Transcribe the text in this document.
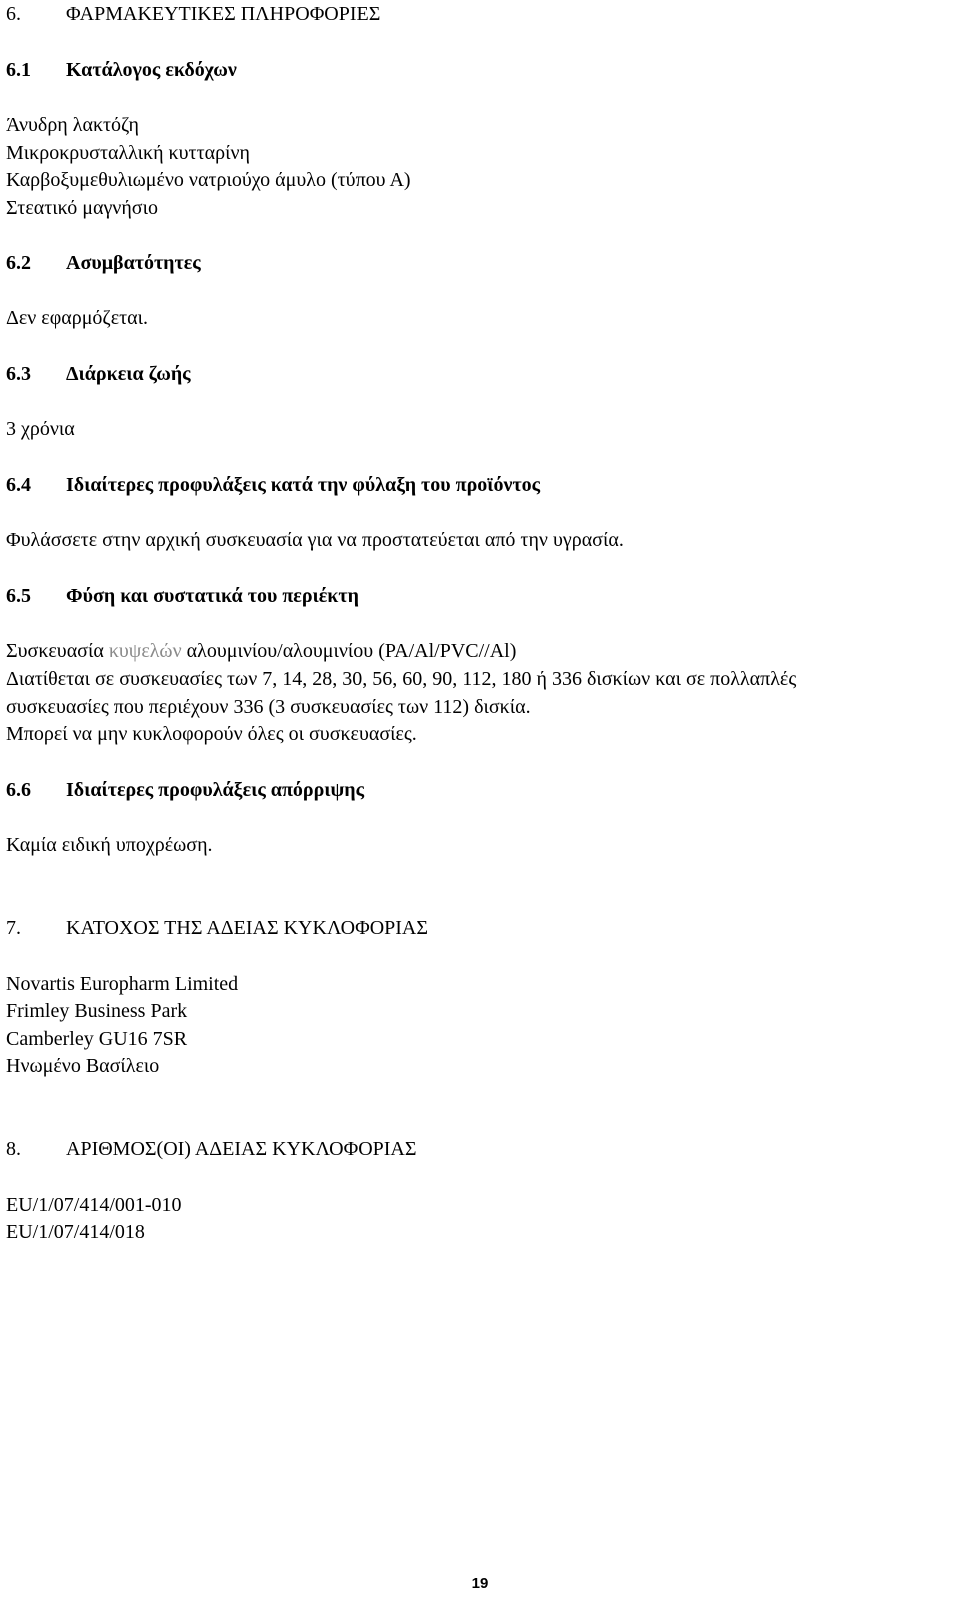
6. ΦΑΡΜΑΚΕΥΤΙΚΕΣ ΠΛΗΡΟΦΟΡΙΕΣ
6.1 Κατάλογος εκδόχων
Άνυδρη λακτόζη
Μικροκρυσταλλική κυτταρίνη
Καρβοξυμεθυλιωμένο νατριούχο άμυλο (τύπου Α)
Στεατικό μαγνήσιο
6.2 Ασυμβατότητες
Δεν εφαρμόζεται.
6.3 Διάρκεια ζωής
3 χρόνια
6.4 Ιδιαίτερες προφυλάξεις κατά την φύλαξη του προϊόντος
Φυλάσσετε στην αρχική συσκευασία για να προστατεύεται από την υγρασία.
6.5 Φύση και συστατικά του περιέκτη
Συσκευασία κυψελών αλουμινίου/αλουμινίου (PA/Al/PVC//Al)
Διατίθεται σε συσκευασίες των 7, 14, 28, 30, 56, 60, 90, 112, 180 ή 336 δισκίων και σε πολλαπλές
συσκευασίες που περιέχουν 336 (3 συσκευασίες των 112) δισκία.
Μπορεί να μην κυκλοφορούν όλες οι συσκευασίες.
6.6 Ιδιαίτερες προφυλάξεις απόρριψης
Καμία ειδική υποχρέωση.
7. ΚΑΤΟΧΟΣ ΤΗΣ ΑΔΕΙΑΣ ΚΥΚΛΟΦΟΡΙΑΣ
Novartis Europharm Limited
Frimley Business Park
Camberley GU16 7SR
Ηνωμένο Βασίλειο
8. ΑΡΙΘΜΟΣ(ΟΙ) ΑΔΕΙΑΣ ΚΥΚΛΟΦΟΡΙΑΣ
EU/1/07/414/001-010
EU/1/07/414/018
19
